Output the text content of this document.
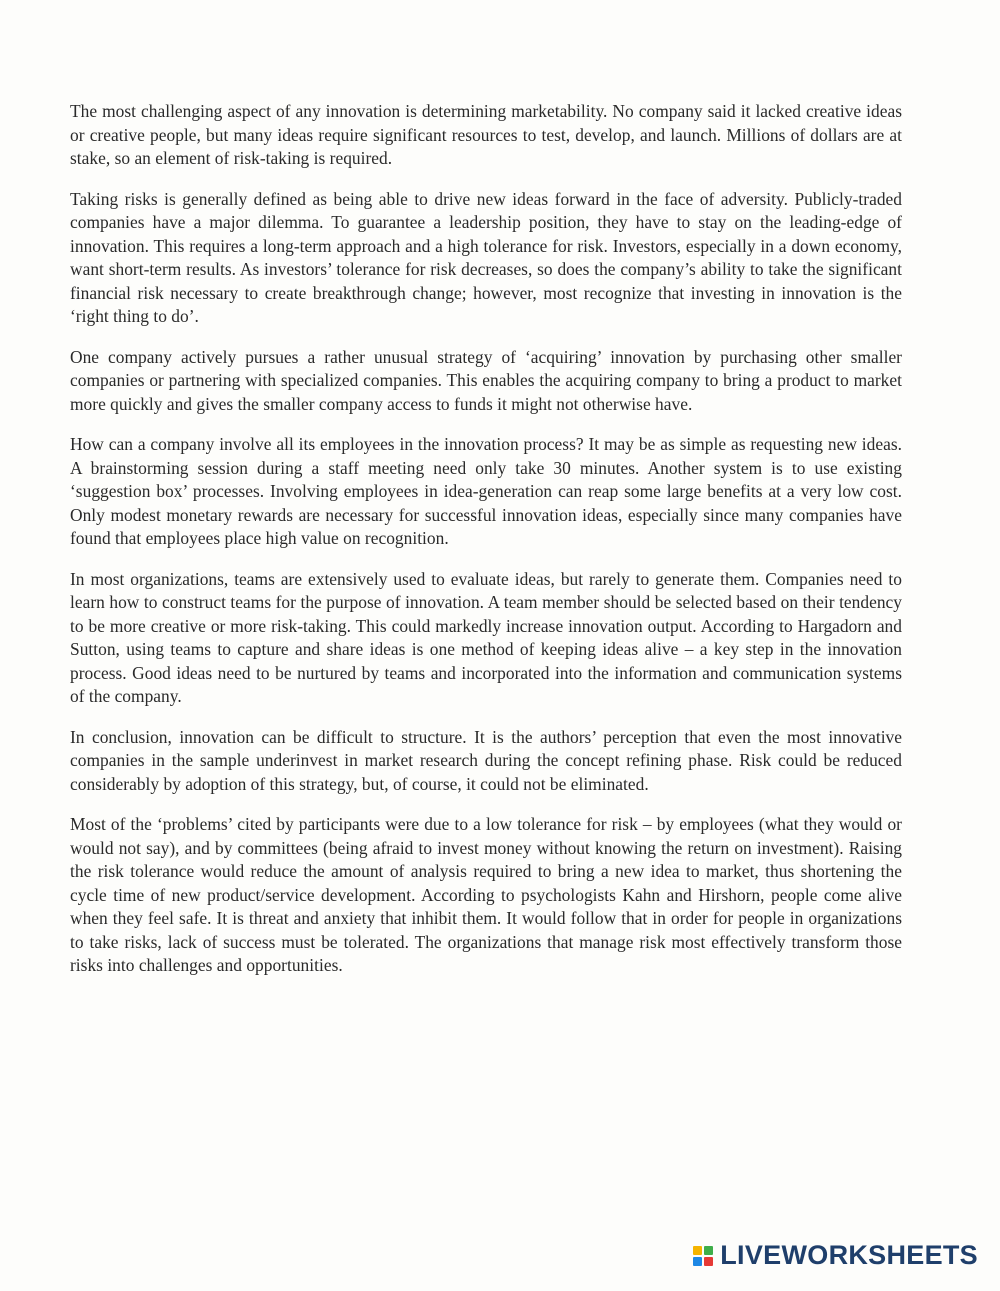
The most challenging aspect of any innovation is determining marketability. No company said it lacked creative ideas or creative people, but many ideas require significant resources to test, develop, and launch. Millions of dollars are at stake, so an element of risk-taking is required.

Taking risks is generally defined as being able to drive new ideas forward in the face of adversity. Publicly-traded companies have a major dilemma. To guarantee a leadership position, they have to stay on the leading-edge of innovation. This requires a long-term approach and a high tolerance for risk. Investors, especially in a down economy, want short-term results. As investors’ tolerance for risk decreases, so does the company’s ability to take the significant financial risk necessary to create breakthrough change; however, most recognize that investing in innovation is the ‘right thing to do’.

One company actively pursues a rather unusual strategy of ‘acquiring’ innovation by purchasing other smaller companies or partnering with specialized companies. This enables the acquiring company to bring a product to market more quickly and gives the smaller company access to funds it might not otherwise have.

How can a company involve all its employees in the innovation process? It may be as simple as requesting new ideas. A brainstorming session during a staff meeting need only take 30 minutes. Another system is to use existing ‘suggestion box’ processes. Involving employees in idea-generation can reap some large benefits at a very low cost. Only modest monetary rewards are necessary for successful innovation ideas, especially since many companies have found that employees place high value on recognition.

In most organizations, teams are extensively used to evaluate ideas, but rarely to generate them. Companies need to learn how to construct teams for the purpose of innovation. A team member should be selected based on their tendency to be more creative or more risk-taking. This could markedly increase innovation output. According to Hargadorn and Sutton, using teams to capture and share ideas is one method of keeping ideas alive – a key step in the innovation process. Good ideas need to be nurtured by teams and incorporated into the information and communication systems of the company.

In conclusion, innovation can be difficult to structure. It is the authors’ perception that even the most innovative companies in the sample underinvest in market research during the concept refining phase. Risk could be reduced considerably by adoption of this strategy, but, of course, it could not be eliminated.

Most of the ‘problems’ cited by participants were due to a low tolerance for risk – by employees (what they would or would not say), and by committees (being afraid to invest money without knowing the return on investment). Raising the risk tolerance would reduce the amount of analysis required to bring a new idea to market, thus shortening the cycle time of new product/service development. According to psychologists Kahn and Hirshorn, people come alive when they feel safe. It is threat and anxiety that inhibit them. It would follow that in order for people in organizations to take risks, lack of success must be tolerated. The organizations that manage risk most effectively transform those risks into challenges and opportunities.

LIVEWORKSHEETS
